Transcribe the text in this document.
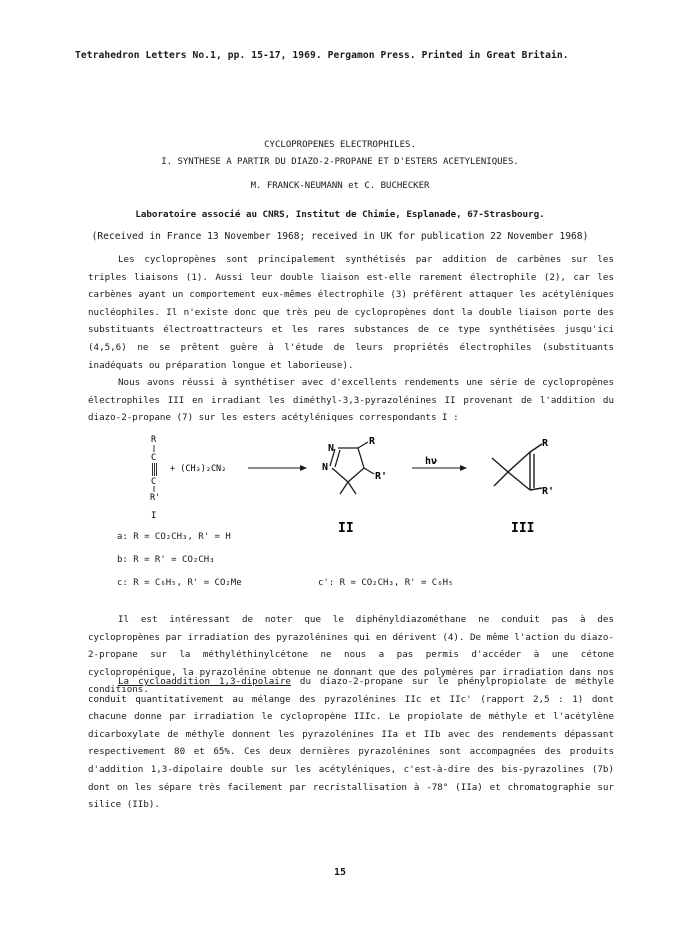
Tetrahedron Letters No.1, pp. 15-17, 1969. Pergamon Press. Printed in Great Britain.
CYCLOPROPENES ELECTROPHILES.
I. SYNTHESE A PARTIR DU DIAZO-2-PROPANE ET D'ESTERS ACETYLENIQUES.
M. FRANCK-NEUMANN et C. BUCHECKER
Laboratoire associé au CNRS, Institut de Chimie, Esplanade, 67-Strasbourg.
(Received in France 13 November 1968; received in UK for publication 22 November 1968)
Les cyclopropènes sont principalement synthétisés par addition de carbènes sur les triples liaisons (1). Aussi leur double liaison est-elle rarement électrophile (2), car les carbènes ayant un comportement eux-mêmes électrophile (3) préfèrent attaquer les acétyléniques nucléophiles. Il n'existe donc que très peu de cyclopropènes dont la double liaison porte des substituants électroattracteurs et les rares substances de ce type synthétisées jusqu'ici (4,5,6) ne se prêtent guère à l'étude de leurs propriétés électrophiles (substituants inadéquats ou préparation longue et laborieuse).
Nous avons réussi à synthétiser avec d'excellents rendements une série de cyclopropènes électrophiles III en irradiant les diméthyl-3,3-pyrazolénines II provenant de l'addition du diazo-2-propane (7) sur les esters acétyléniques correspondants I :
R
C
C
R'
+ (CH₃)₂CN₂
N
N
R
R'
hν
R
R'
I
II	III
a: R = CO₂CH₃, R' = H
b: R = R' = CO₂CH₃
c: R = C₆H₅, R' = CO₂Me	c': R = CO₂CH₃, R' = C₆H₅
Il est intéressant de noter que le diphényldiazométhane ne conduit pas à des cyclopropènes par irradiation des pyrazolénines qui en dérivent (4). De même l'action du diazo-2-propane sur la méthyléthinylcétone ne nous a pas permis d'accéder à une cétone cyclopropénique, la pyrazolénine obtenue ne donnant que des polymères par irradiation dans nos conditions.
La cycloaddition 1,3-dipolaire du diazo-2-propane sur le phénylpropiolate de méthyle conduit quantitativement au mélange des pyrazolénines IIc et IIc' (rapport 2,5 : 1) dont chacune donne par irradiation le cyclopropène IIIc. Le propiolate de méthyle et l'acétylène dicarboxylate de méthyle donnent les pyrazolénines IIa et IIb avec des rendements dépassant respectivement 80 et 65%. Ces deux dernières pyrazolénines sont accompagnées des produits d'addition 1,3-dipolaire double sur les acétyléniques, c'est-à-dire des bis-pyrazolines (7b) dont on les sépare très facilement par recristallisation à -78° (IIa) et chromatographie sur silice (IIb).
15
